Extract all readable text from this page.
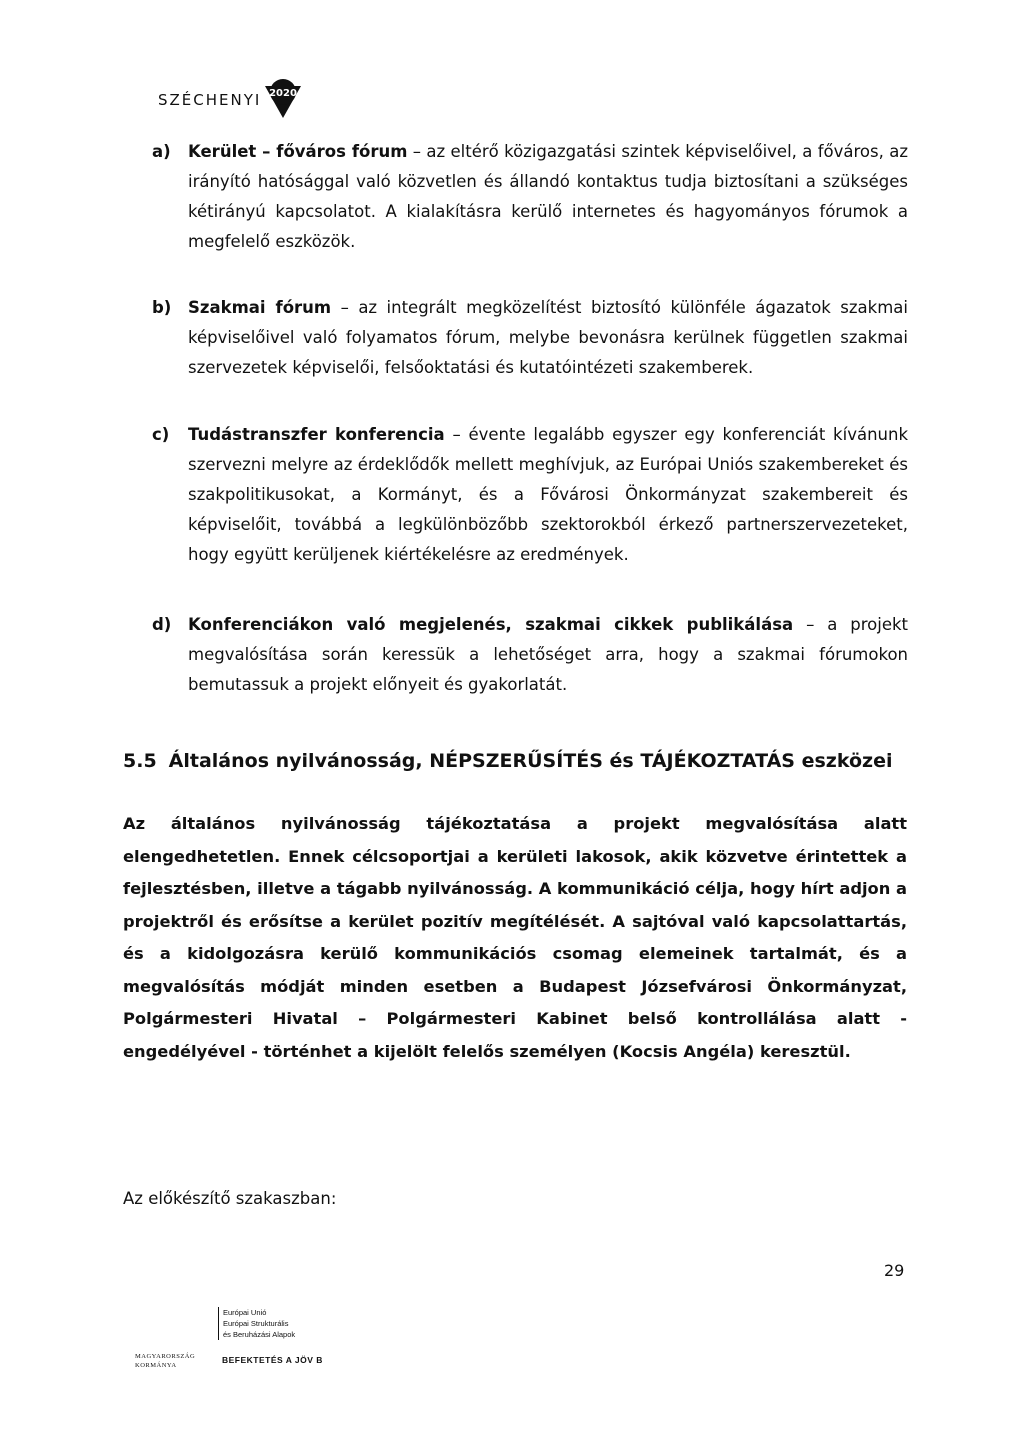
SZÉCHENYI 2020
a) Kerület – főváros fórum – az eltérő közigazgatási szintek képviselőivel, a főváros, az irányító hatósággal való közvetlen és állandó kontaktus tudja biztosítani a szükséges kétirányú kapcsolatot. A kialakításra kerülő internetes és hagyományos fórumok a megfelelő eszközök.
b) Szakmai fórum – az integrált megközelítést biztosító különféle ágazatok szakmai képviselőivel való folyamatos fórum, melybe bevonásra kerülnek független szakmai szervezetek képviselői, felsőoktatási és kutatóintézeti szakemberek.
c) Tudástranszfer konferencia – évente legalább egyszer egy konferenciát kívánunk szervezni melyre az érdeklődők mellett meghívjuk, az Európai Uniós szakembereket és szakpolitikusokat, a Kormányt, és a Fővárosi Önkormányzat szakembereit és képviselőit, továbbá a legkülönbözőbb szektorokból érkező partnerszervezeteket, hogy együtt kerüljenek kiértékelésre az eredmények.
d) Konferenciákon való megjelenés, szakmai cikkek publikálása – a projekt megvalósítása során keressük a lehetőséget arra, hogy a szakmai fórumokon bemutassuk a projekt előnyeit és gyakorlatát.
5.5 Általános nyilvánosság, NÉPSZERŰSÍTÉS és TÁJÉKOZTATÁS eszközei

Az általános nyilvánosság tájékoztatása a projekt megvalósítása alatt elengedhetetlen. Ennek célcsoportjai a kerületi lakosok, akik közvetve érintettek a fejlesztésben, illetve a tágabb nyilvánosság. A kommunikáció célja, hogy hírt adjon a projektről és erősítse a kerület pozitív megítélését. A sajtóval való kapcsolattartás, és a kidolgozásra kerülő kommunikációs csomag elemeinek tartalmát, és a megvalósítás módját minden esetben a Budapest Józsefvárosi Önkormányzat, Polgármesteri Hivatal – Polgármesteri Kabinet belső kontrollálása alatt - engedélyével - történhet a kijelölt felelős személyen (Kocsis Angéla) keresztül.

Az előkészítő szakaszban:

29
Európai Unió
Európai Strukturális
és Beruházási Alapok
MAGYARORSZÁG
KORMÁNYA
BEFEKTETÉS A JÖV B
